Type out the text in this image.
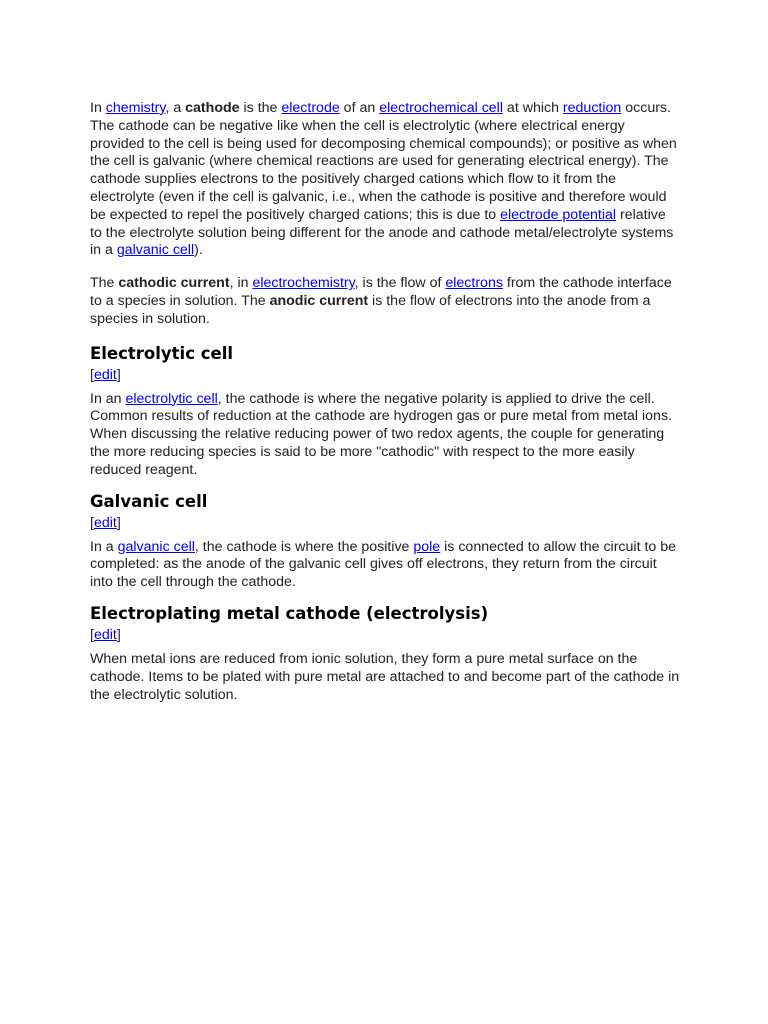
In chemistry, a cathode is the electrode of an electrochemical cell at which reduction occurs. The cathode can be negative like when the cell is electrolytic (where electrical energy provided to the cell is being used for decomposing chemical compounds); or positive as when the cell is galvanic (where chemical reactions are used for generating electrical energy). The cathode supplies electrons to the positively charged cations which flow to it from the electrolyte (even if the cell is galvanic, i.e., when the cathode is positive and therefore would be expected to repel the positively charged cations; this is due to electrode potential relative to the electrolyte solution being different for the anode and cathode metal/electrolyte systems in a galvanic cell).

The cathodic current, in electrochemistry, is the flow of electrons from the cathode interface to a species in solution. The anodic current is the flow of electrons into the anode from a species in solution.

Electrolytic cell
[edit]

In an electrolytic cell, the cathode is where the negative polarity is applied to drive the cell. Common results of reduction at the cathode are hydrogen gas or pure metal from metal ions. When discussing the relative reducing power of two redox agents, the couple for generating the more reducing species is said to be more "cathodic" with respect to the more easily reduced reagent.

Galvanic cell
[edit]

In a galvanic cell, the cathode is where the positive pole is connected to allow the circuit to be completed: as the anode of the galvanic cell gives off electrons, they return from the circuit into the cell through the cathode.

Electroplating metal cathode (electrolysis)
[edit]

When metal ions are reduced from ionic solution, they form a pure metal surface on the cathode. Items to be plated with pure metal are attached to and become part of the cathode in the electrolytic solution.
